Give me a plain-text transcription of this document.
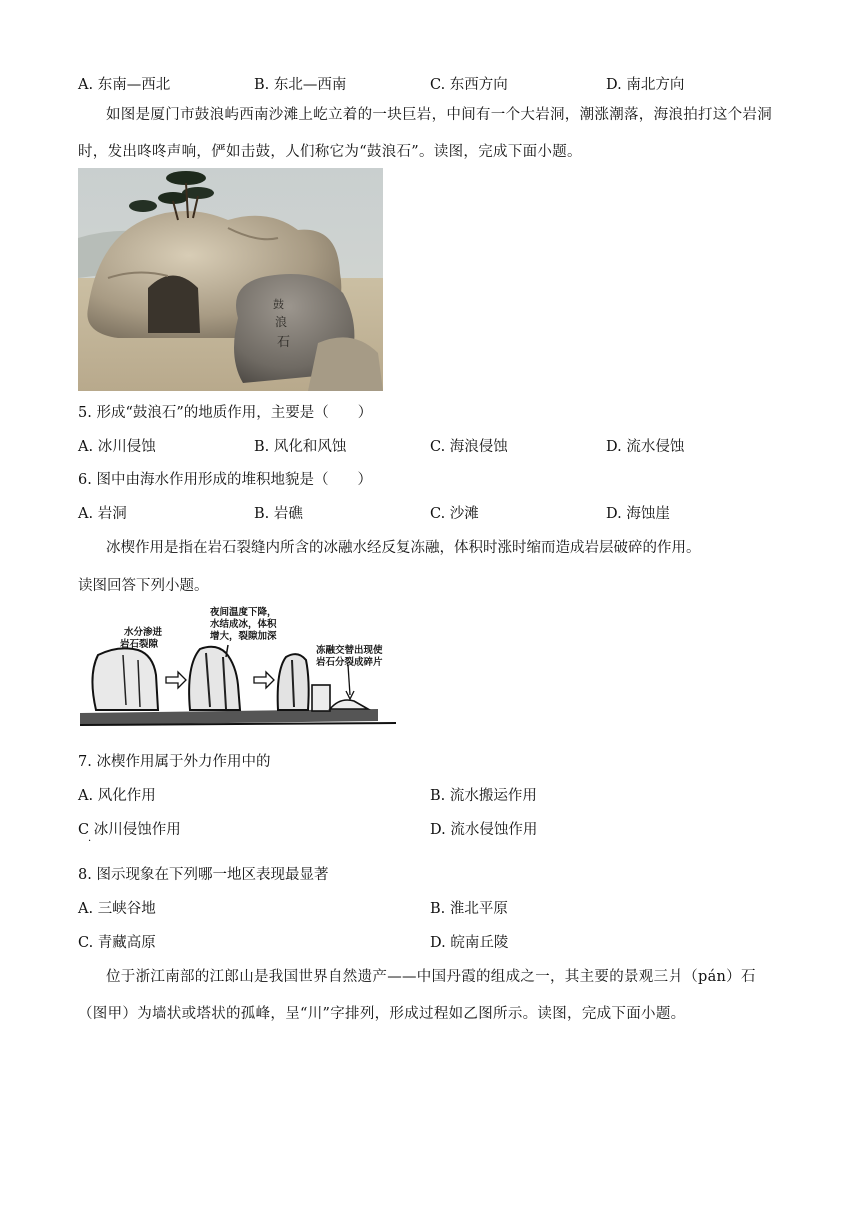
A. 东南—西北	B. 东北—西南	C. 东西方向	D. 南北方向
如图是厦门市鼓浪屿西南沙滩上屹立着的一块巨岩，中间有一个大岩洞，潮涨潮落，海浪拍打这个岩洞时，发出咚咚声响，俨如击鼓，人们称它为“鼓浪石”。读图，完成下面小题。
鼓
浪
石
5. 形成“鼓浪石”的地质作用，主要是（　　）
A. 冰川侵蚀	B. 风化和风蚀	C. 海浪侵蚀	D. 流水侵蚀
6. 图中由海水作用形成的堆积地貌是（　　）
A. 岩洞	B. 岩礁	C. 沙滩	D. 海蚀崖
冰楔作用是指在岩石裂缝内所含的冰融水经反复冻融，体积时涨时缩而造成岩层破碎的作用。
读图回答下列小题。
水分渗进
岩石裂隙
夜间温度下降，
水结成冰，体积
增大，裂隙加深
冻融交替出现使
岩石分裂成碎片
7. 冰楔作用属于外力作用中的
A. 风化作用	B. 流水搬运作用
C 冰川侵蚀作用
·
D. 流水侵蚀作用
8. 图示现象在下列哪一地区表现最显著
A. 三峡谷地	B. 淮北平原
C. 青藏高原	D. 皖南丘陵
位于浙江南部的江郎山是我国世界自然遗产——中国丹霞的组成之一，其主要的景观三爿（pán）石（图甲）为墙状或塔状的孤峰，呈“川”字排列，形成过程如乙图所示。读图，完成下面小题。
